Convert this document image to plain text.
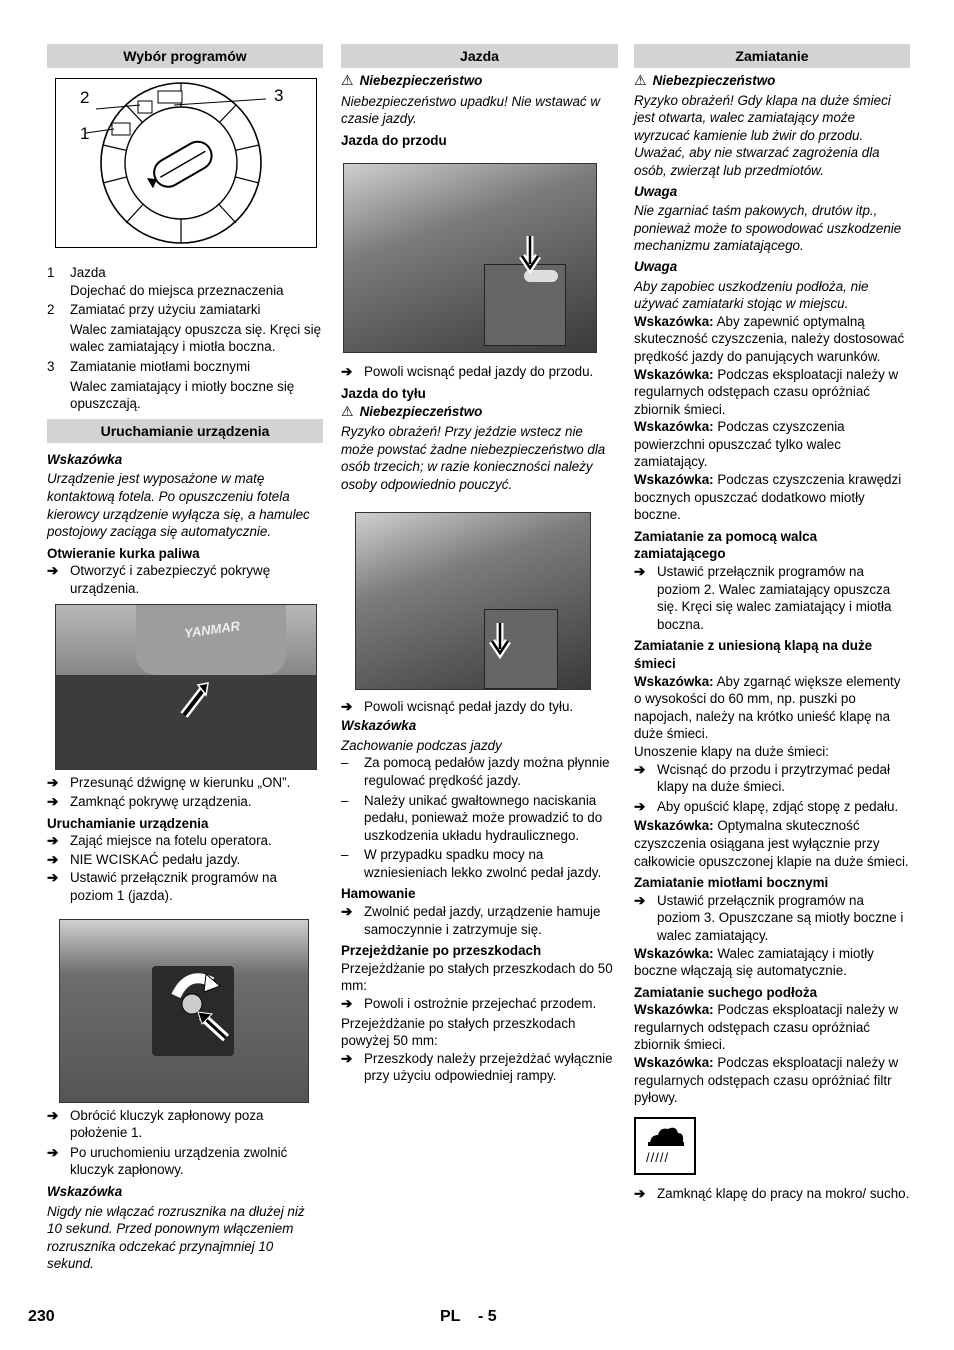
Wybór programów
2
1
3
1 Jazda
Dojechać do miejsca przeznaczenia
2 Zamiatać przy użyciu zamiatarki
Walec zamiatający opuszcza się. Kręci się walec zamiatający i miotła boczna.
3 Zamiatanie miotłami bocznymi
Walec zamiatający i miotły boczne się opuszczają.
Uruchamianie urządzenia

Wskazówka

Urządzenie jest wyposażone w matę kontaktową fotela. Po opuszczeniu fotela kierowcy urządzenie wyłącza się, a hamulec postojowy zaciąga się automatycznie.

Otwieranie kurka paliwa

➔ Otworzyć i zabezpieczyć pokrywę urządzenia.
YANMAR
➔ Przesunąć dźwignę w kierunku „ON”.
➔ Zamknąć pokrywę urządzenia.

Uruchamianie urządzenia

➔ Zająć miejsce na fotelu operatora.
➔ NIE WCISKAĆ pedału jazdy.
➔ Ustawić przełącznik programów na poziom 1 (jazda).
➔ Obrócić kluczyk zapłonowy poza położenie 1.
➔ Po uruchomieniu urządzenia zwolnić kluczyk zapłonowy.

Wskazówka

Nigdy nie włączać rozrusznika na dłużej niż 10 sekund. Przed ponownym włączeniem rozrusznika odczekać przynajmniej 10 sekund.

Jazda
⚠ Niebezpieczeństwo

Niebezpieczeństwo upadku! Nie wstawać w czasie jazdy.

Jazda do przodu

➔ Powoli wcisnąć pedał jazdy do przodu.

Jazda do tyłu

⚠ Niebezpieczeństwo

Ryzyko obrażeń! Przy jeździe wstecz nie może powstać żadne niebezpieczeństwo dla osób trzecich; w razie konieczności należy osoby odpowiednio pouczyć.

➔ Powoli wcisnąć pedał jazdy do tyłu.

Wskazówka

Zachowanie podczas jazdy

– Za pomocą pedałów jazdy można płynnie regulować prędkość jazdy.
– Należy unikać gwałtownego naciskania pedału, ponieważ może prowadzić to do uszkodzenia układu hydraulicznego.
– W przypadku spadku mocy na wzniesieniach lekko zwolnć pedał jazdy.

Hamowanie

➔ Zwolnić pedał jazdy, urządzenie hamuje samoczynnie i zatrzymuje się.

Przejeżdżanie po przeszkodach

Przejeżdżanie po stałych przeszkodach do 50 mm:

➔ Powoli i ostrożnie przejechać przodem.

Przejeżdżanie po stałych przeszkodach powyżej 50 mm:

➔ Przeszkody należy przejeżdżać wyłącznie przy użyciu odpowiedniej rampy.
Zamiatanie
⚠ Niebezpieczeństwo

Ryzyko obrażeń! Gdy klapa na duże śmieci jest otwarta, walec zamiatający może wyrzucać kamienie lub żwir do przodu. Uważać, aby nie stwarzać zagrożenia dla osób, zwierząt lub przedmiotów.

Uwaga

Nie zgarniać taśm pakowych, drutów itp., ponieważ może to spowodować uszkodzenie mechanizmu zamiatającego.

Uwaga

Aby zapobiec uszkodzeniu podłoża, nie używać zamiatarki stojąc w miejscu.

Wskazówka: Aby zapewnić optymalną skuteczność czyszczenia, należy dostosować prędkość jazdy do panujących warunków.

Wskazówka: Podczas eksploatacji należy w regularnych odstępach czasu opróżniać zbiornik śmieci.

Wskazówka: Podczas czyszczenia powierzchni opuszczać tylko walec zamiatający.

Wskazówka: Podczas czyszczenia krawędzi bocznych opuszczać dodatkowo miotły boczne.

Zamiatanie za pomocą walca zamiatającego

➔ Ustawić przełącznik programów na poziom 2. Walec zamiatający opuszcza się. Kręci się walec zamiatający i miotła boczna.

Zamiatanie z uniesioną klapą na duże śmieci

Wskazówka: Aby zgarnąć większe elementy o wysokości do 60 mm, np. puszki po napojach, należy na krótko unieść klapę na duże śmieci.

Unoszenie klapy na duże śmieci:

➔ Wcisnąć do przodu i przytrzymać pedał klapy na duże śmieci.
➔ Aby opuścić klapę, zdjąć stopę z pedału.

Wskazówka: Optymalna skuteczność czyszczenia osiągana jest wyłącznie przy całkowicie opuszczonej klapie na duże śmieci.

Zamiatanie miotłami bocznymi

➔ Ustawić przełącznik programów na poziom 3. Opuszczane są miotły boczne i walec zamiatający.

Wskazówka: Walec zamiatający i miotły boczne włączają się automatycznie.

Zamiatanie suchego podłoża

Wskazówka: Podczas eksploatacji należy w regularnych odstępach czasu opróżniać zbiornik śmieci.

Wskazówka: Podczas eksploatacji należy w regularnych odstępach czasu opróżniać filtr pyłowy.

/////
➔ Zamknąć klapę do pracy na mokro/ sucho.
230	PL - 5
